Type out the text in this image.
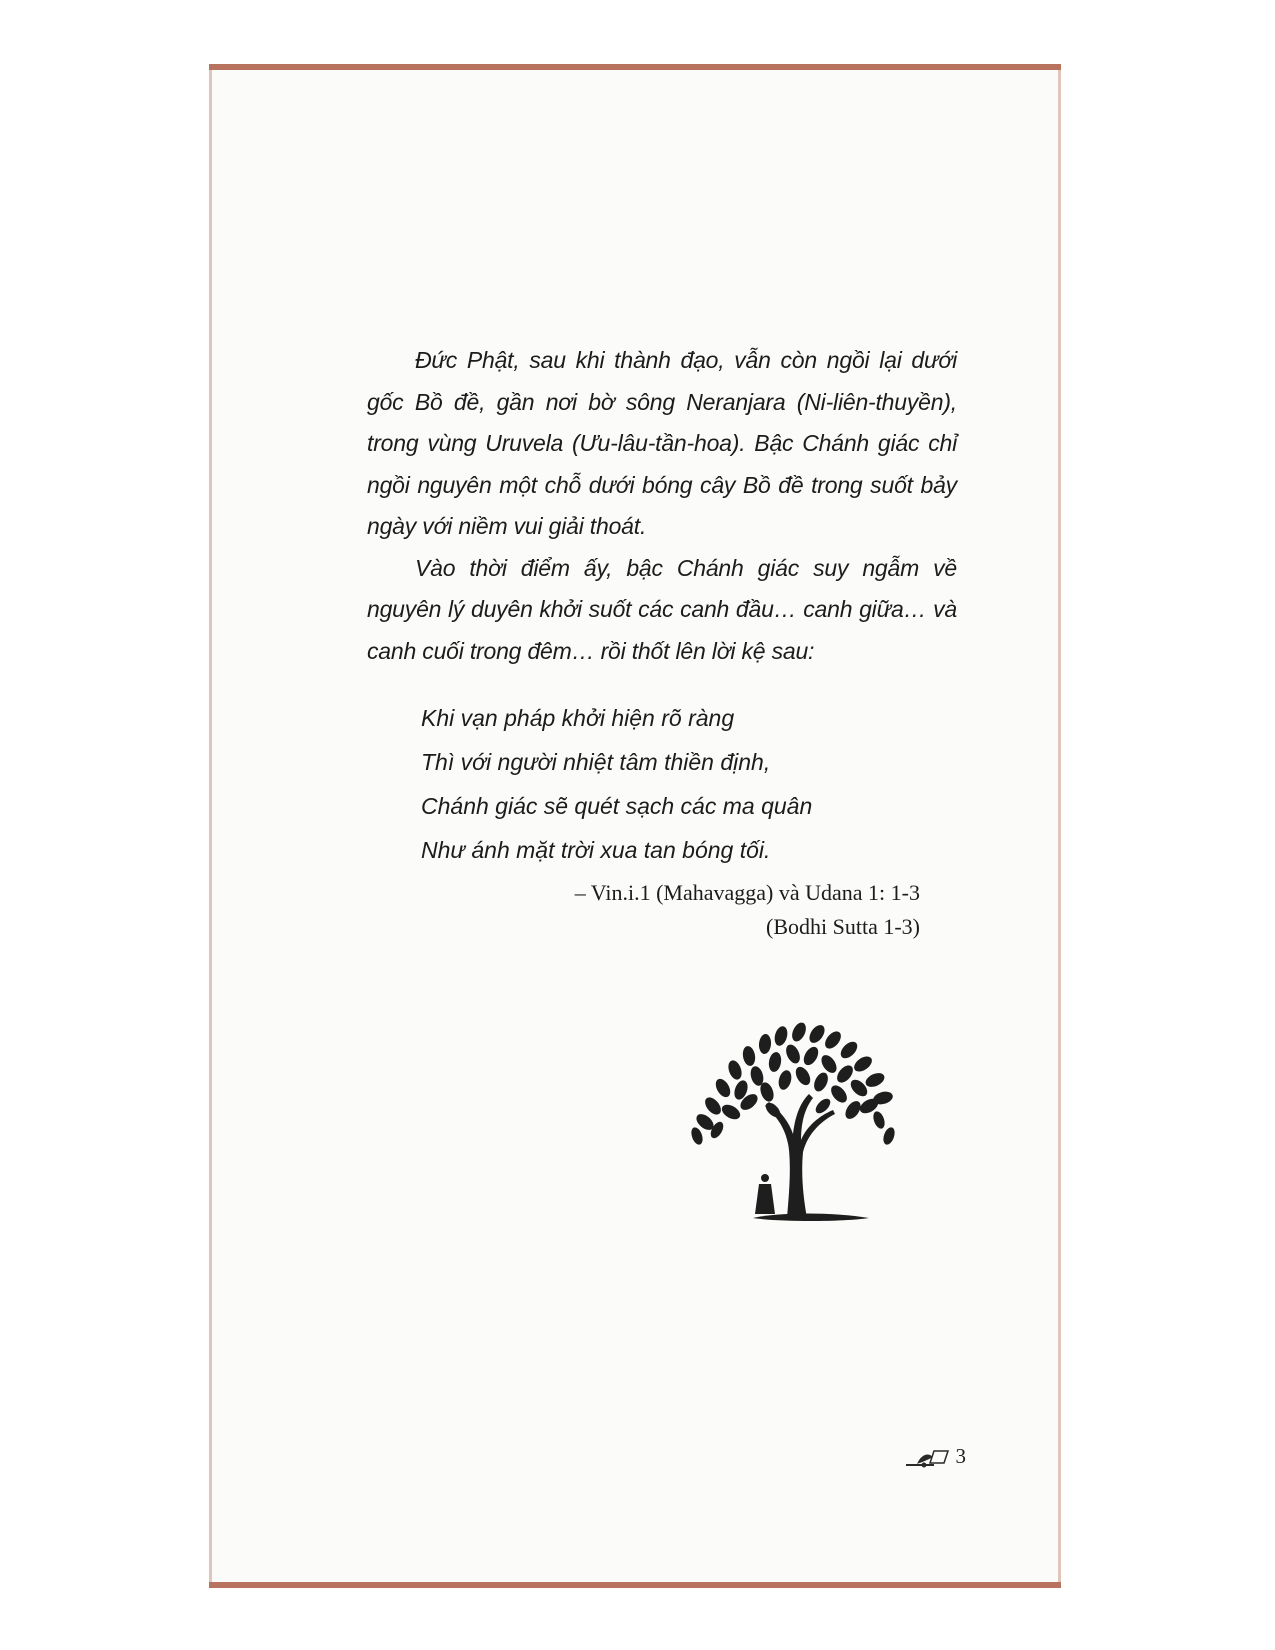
Đức Phật, sau khi thành đạo, vẫn còn ngồi lại dưới gốc Bồ đề, gần nơi bờ sông Neranjara (Ni-liên-thuyền), trong vùng Uruvela (Ưu-lâu-tần-hoa). Bậc Chánh giác chỉ ngồi nguyên một chỗ dưới bóng cây Bồ đề trong suốt bảy ngày với niềm vui giải thoát.

Vào thời điểm ấy, bậc Chánh giác suy ngẫm về nguyên lý duyên khởi suốt các canh đầu… canh giữa… và canh cuối trong đêm… rồi thốt lên lời kệ sau:

Khi vạn pháp khởi hiện rõ ràng
Thì với người nhiệt tâm thiền định,
Chánh giác sẽ quét sạch các ma quân
Như ánh mặt trời xua tan bóng tối.
– Vin.i.1 (Mahavagga) và Udana 1: 1-3
(Bodhi Sutta 1-3)
3
